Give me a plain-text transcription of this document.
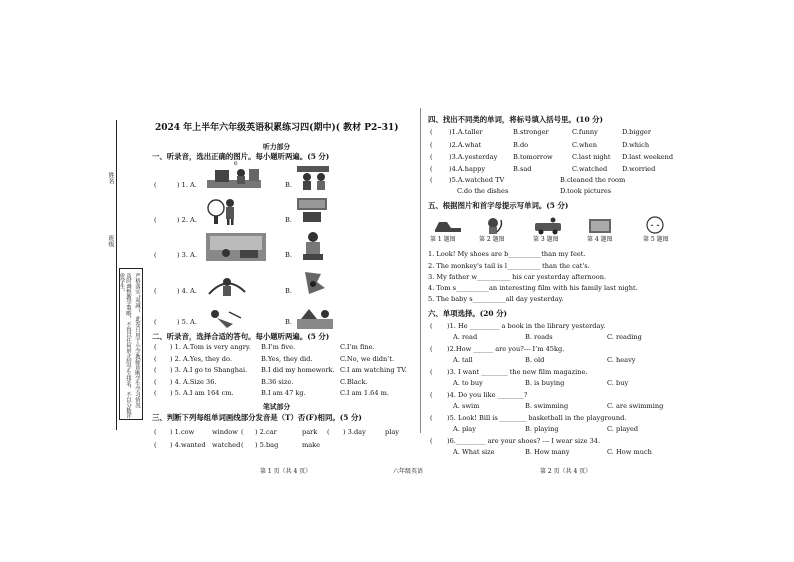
姓名
班级
严格落实“双减”，此卷只用于小学教师诊断学生学习情况
及时调整教学策略，不得以任何形式给学生排名，不以分数评价学生。
2024 年上半年六年级英语积累练习四(期中)( 教材 P2–31)
听力部分
一、听录音，选出正确的图片。每小题听两遍。(5 分)
e
(	) 1. A.	B.
(	) 2. A.	B.
(	) 3. A.	B.
(	) 4. A.	B.
(	) 5. A.	B.
二、听录音，选择合适的答句。每小题听两遍。(5 分)
( ) 1. A.Tom is very angry. B.I’m five.	C.I’m fine.
( ) 2. A.Yes, they do.	B.Yes, they did.	C.No, we didn’t.
( ) 3. A.I go to Shanghai. B.I did my homework. C.I am watching TV.
( ) 4. A.Size 36.	B.36 size.	C.Black.
( ) 5. A.I am 164 cm.	B.I am 47 kg.	C.I am 1.64 m.
笔试部分
三、判断下列每组单词画线部分发音是（T）否(F)相同。(5 分)
( ) 1.cow	window ( ) 2.car	park ( ) 3.day	play
( ) 4.wanted watched ( ) 5.bag	make
第 1 页（共 4 页）	六年级英语
四、找出不同类的单词，将标号填入括号里。(10 分)
( )1.A.taller	B.stronger	C.funny	D.bigger
( )2.A.what	B.do	C.when	D.which
( )3.A.yesterday B.tomorrow	C.last night D.last weekend
( )4.A.happy	B.sad	C.watched D.worried
( )5.A.watched TV	B.cleaned the room
C.do the dishes	D.took pictures
五、根据图片和首字母提示写单词。(5 分)
第 1 题图	第 2 题图	第 3 题图	第 4 题图	第 5 题图
1. Look! My shoes are b__________than my feet.
2. The monkey's tail is l__________ than the cat's.
3. My father w__________ his car yesterday afternoon.
4. Tom s__________an interesting film with his family last night.
5. The baby s__________all day yesterday.
六、单项选择。(20 分)
( )1. He _________ a book in the library yesterday.
A. read	B. reads	C. reading
( )2.How ______ are you?--- I’m 45kg.
A. tall	B. old	C. heavy
( )3. I want ________ the new film magazine.
A. to buy	B. is buying	C. buy
( )4. Do you like ________?
A. swim	B. swimming	C. are swimming
( )5. Look! Bill is ________ basketball in the playground.
A. play	B. playing	C. played
( )6._________ are your shoes? --- I wear size 34.
A. What size	B. How many	C. How much
第 2 页（共 4 页）
